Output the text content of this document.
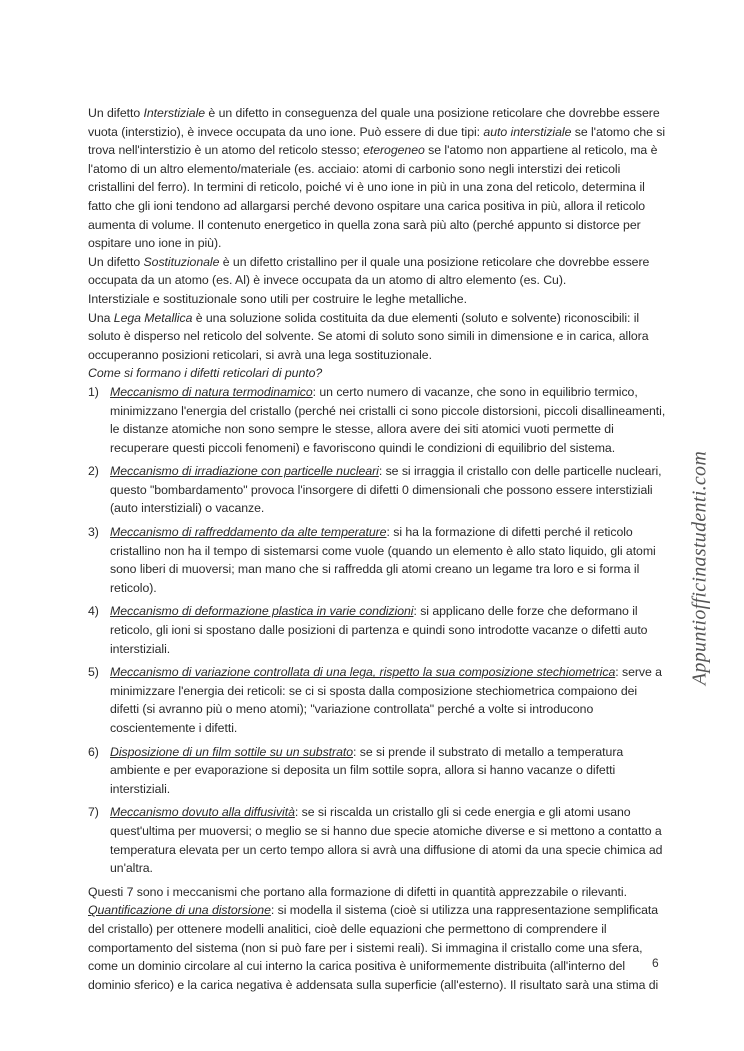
Un difetto Interstiziale è un difetto in conseguenza del quale una posizione reticolare che dovrebbe essere vuota (interstizio), è invece occupata da uno ione. Può essere di due tipi: auto interstiziale se l'atomo che si trova nell'interstizio è un atomo del reticolo stesso; eterogeneo se l'atomo non appartiene al reticolo, ma è l'atomo di un altro elemento/materiale (es. acciaio: atomi di carbonio sono negli interstizi dei reticoli cristallini del ferro). In termini di reticolo, poiché vi è uno ione in più in una zona del reticolo, determina il fatto che gli ioni tendono ad allargarsi perché devono ospitare una carica positiva in più, allora il reticolo aumenta di volume. Il contenuto energetico in quella zona sarà più alto (perché appunto si distorce per ospitare uno ione in più).

Un difetto Sostituzionale è un difetto cristallino per il quale una posizione reticolare che dovrebbe essere occupata da un atomo (es. Al) è invece occupata da un atomo di altro elemento (es. Cu).

Interstiziale e sostituzionale sono utili per costruire le leghe metalliche.

Una Lega Metallica è una soluzione solida costituita da due elementi (soluto e solvente) riconoscibili: il soluto è disperso nel reticolo del solvente. Se atomi di soluto sono simili in dimensione e in carica, allora occuperanno posizioni reticolari, si avrà una lega sostituzionale.

Come si formano i difetti reticolari di punto?

1) Meccanismo di natura termodinamico: un certo numero di vacanze, che sono in equilibrio termico, minimizzano l'energia del cristallo (perché nei cristalli ci sono piccole distorsioni, piccoli disallineamenti, le distanze atomiche non sono sempre le stesse, allora avere dei siti atomici vuoti permette di recuperare questi piccoli fenomeni) e favoriscono quindi le condizioni di equilibrio del sistema.
2) Meccanismo di irradiazione con particelle nucleari: se si irraggia il cristallo con delle particelle nucleari, questo "bombardamento" provoca l'insorgere di difetti 0 dimensionali che possono essere interstiziali (auto interstiziali) o vacanze.
3) Meccanismo di raffreddamento da alte temperature: si ha la formazione di difetti perché il reticolo cristallino non ha il tempo di sistemarsi come vuole (quando un elemento è allo stato liquido, gli atomi sono liberi di muoversi; man mano che si raffredda gli atomi creano un legame tra loro e si forma il reticolo).
4) Meccanismo di deformazione plastica in varie condizioni: si applicano delle forze che deformano il reticolo, gli ioni si spostano dalle posizioni di partenza e quindi sono introdotte vacanze o difetti auto interstiziali.
5) Meccanismo di variazione controllata di una lega, rispetto la sua composizione stechiometrica: serve a minimizzare l'energia dei reticoli: se ci si sposta dalla composizione stechiometrica compaiono dei difetti (si avranno più o meno atomi); "variazione controllata" perché a volte si introducono coscientemente i difetti.
6) Disposizione di un film sottile su un substrato: se si prende il substrato di metallo a temperatura ambiente e per evaporazione si deposita un film sottile sopra, allora si hanno vacanze o difetti interstiziali.
7) Meccanismo dovuto alla diffusività: se si riscalda un cristallo gli si cede energia e gli atomi usano quest'ultima per muoversi; o meglio se si hanno due specie atomiche diverse e si mettono a contatto a temperatura elevata per un certo tempo allora si avrà una diffusione di atomi da una specie chimica ad un'altra.

Questi 7 sono i meccanismi che portano alla formazione di difetti in quantità apprezzabile o rilevanti.

Quantificazione di una distorsione: si modella il sistema (cioè si utilizza una rappresentazione semplificata del cristallo) per ottenere modelli analitici, cioè delle equazioni che permettono di comprendere il comportamento del sistema (non si può fare per i sistemi reali). Si immagina il cristallo come una sfera, come un dominio circolare al cui interno la carica positiva è uniformemente distribuita (all'interno del dominio sferico) e la carica negativa è addensata sulla superficie (all'esterno). Il risultato sarà una stima di

Appuntiofficinastudenti.com
6
